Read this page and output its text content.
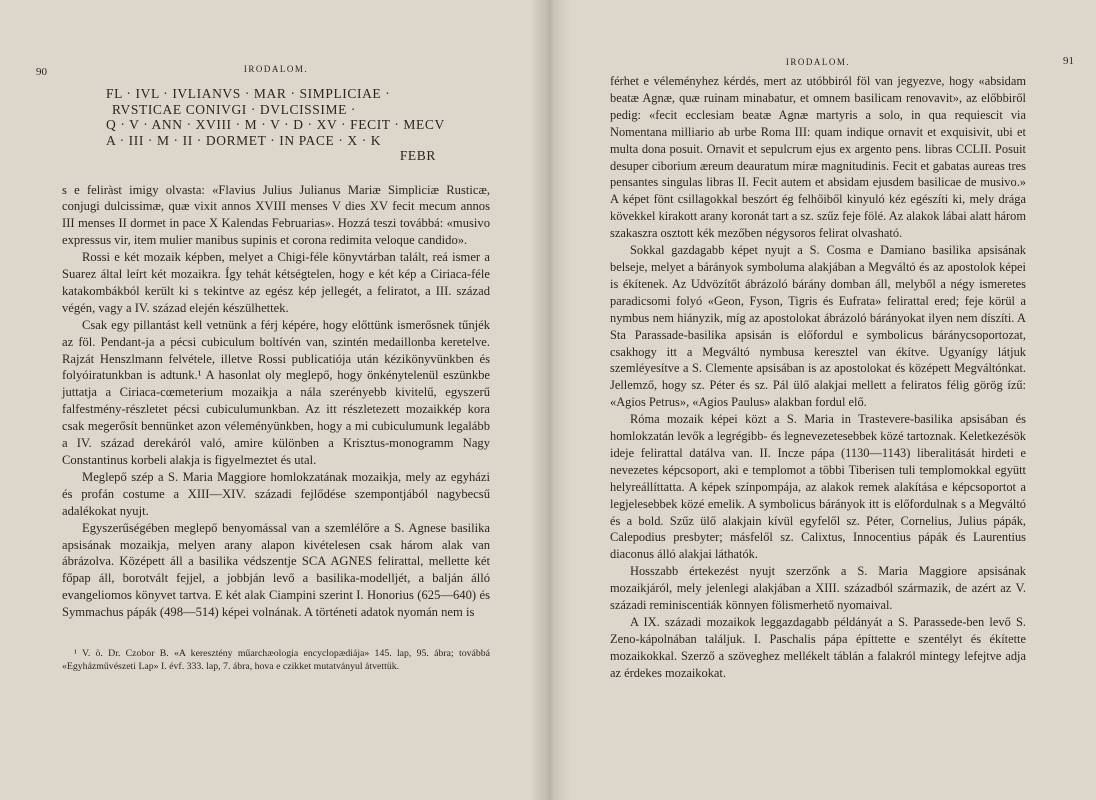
90	IRODALOM.
FL · IVL · IVLIANVS · MAR · SIMPLICIAE ·
RVSTICAE CONIVGI · DVLCISSIME ·
Q · V · ANN · XVIII · M · V · D · XV · FECIT · MECV
A · III · M · II · DORMET · IN PACE · X · K
FEBR

s e feliràst imigy olvasta: «Flavius Julius Julianus Mariæ Simpliciæ Rusticæ, conjugi dulcissimæ, quæ vixit annos XVIII menses V dies XV fecit mecum annos III menses II dormet in pace X Kalendas Februarias». Hozzá teszi továbbá: «musivo expressus vir, item mulier manibus supinis et corona redimita veloque candido».

Rossi e két mozaik képben, melyet a Chigi-féle könyvtárban talált, reá ismer a Suarez által leírt két mozaikra. Így tehát kétségtelen, hogy e két kép a Ciriaca-féle katakombákból került ki s tekintve az egész kép jellegét, a feliratot, a III. század végén, vagy a IV. század elején készülhettek.

Csak egy pillantást kell vetnünk a férj képére, hogy előttünk ismerősnek tűnjék az föl. Pendant-ja a pécsi cubiculum boltívén van, szintén medaillonba keretelve. Rajzát Henszlmann felvétele, illetve Rossi publicatiója után kézikönyvünkben és folyóiratunkban is adtunk.¹ A hasonlat oly meglepő, hogy önkénytelenül eszünkbe juttatja a Ciriaca-cœmeterium mozaikja a nála szerényebb kivitelű, egyszerű falfestmény-részletet pécsi cubiculumunkban. Az itt részletezett mozaikkép kora csak megerősít bennünket azon véleményünkben, hogy a mi cubiculumunk legalább a IV. század derekáról való, amire különben a Krisztus-monogramm Nagy Constantinus korbeli alakja is figyelmeztet és utal.

Meglepő szép a S. Maria Maggiore homlokzatának mozaikja, mely az egyházi és profán costume a XIII—XIV. századi fejlődése szempontjából nagybecsű adalékokat nyujt.

Egyszerűségében meglepő benyomással van a szemlélőre a S. Agnese basilika apsisának mozaikja, melyen arany alapon kivételesen csak három alak van ábrázolva. Középett áll a basilika védszentje SCA AGNES felirattal, mellette két főpap áll, borotvált fejjel, a jobbján levő a basilika-modelljét, a balján álló evangeliomos könyvet tartva. E két alak Ciampini szerint I. Honorius (625—640) és Symmachus pápák (498—514) képei volnának. A történeti adatok nyomán nem is

¹ V. ö. Dr. Czobor B. «A keresztény műarchæologia encyclopædiája» 145. lap, 95. ábra; továbbá «Egyházművészeti Lap» I. évf. 333. lap, 7. ábra, hova e czikket mutatványul átvettük.
IRODALOM.	91

férhet e véleményhez kérdés, mert az utóbbiról föl van jegyezve, hogy «absidam beatæ Agnæ, quæ ruinam minabatur, et omnem basilicam renovavit», az előbbiről pedig: «fecit ecclesiam beatæ Agnæ martyris a solo, in qua requiescit via Nomentana milliario ab urbe Roma III: quam indique ornavit et exquisivit, ubi et multa dona posuit. Ornavit et sepulcrum ejus ex argento pens. libras CCLII. Posuit desuper ciborium æreum deauratum miræ magnitudinis. Fecit et gabatas aureas tres pensantes singulas libras II. Fecit autem et absidam ejusdem basilicae de musivo.» A képet fönt csillagokkal beszórt ég felhőiből kinyuló kéz egészíti ki, mely drága kövekkel kirakott arany koronát tart a sz. szűz feje fölé. Az alakok lábai alatt három szakaszra osztott kék mezőben négysoros felirat olvasható.

Sokkal gazdagabb képet nyujt a S. Cosma e Damiano basilika apsisának belseje, melyet a bárányok symboluma alakjában a Megváltó és az apostolok képei is ékítenek. Az Udvözítőt ábrázoló bárány domban áll, melyből a négy ismeretes paradicsomi folyó «Geon, Fyson, Tigris és Eufrata» felirattal ered; feje körül a nymbus nem hiányzik, míg az apostolokat ábrázoló bárányokat ilyen nem díszíti. A Sta Parassade-basilika apsisán is előfordul e symbolicus báránycsoportozat, csakhogy itt a Megváltó nymbusa keresztel van ékítve. Ugyanígy látjuk szemléyesítve a S. Clemente apsisában is az apostolokat és középett Megváltónkat. Jellemző, hogy sz. Péter és sz. Pál ülő alakjai mellett a feliratos félig görög ízű: «Agios Petrus», «Agios Paulus» alakban fordul elő.

Róma mozaik képei közt a S. Maria in Trastevere-basilika apsisában és homlokzatán levők a legrégibb- és legnevezetesebbek közé tartoznak. Keletkezésök ideje felirattal datálva van. II. Incze pápa (1130—1143) liberalitását hirdeti e nevezetes képcsoport, aki e templomot a többi Tiberisen tuli templomokkal együtt helyreállíttatta. A képek színpompája, az alakok remek alakítása e képcsoportot a legjelesebbek közé emelik. A symbolicus bárányok itt is előfordulnak s a Megváltó és a bold. Szűz ülő alakjain kívül egyfelől sz. Péter, Cornelius, Julius pápák, Calepodius presbyter; másfelől sz. Calixtus, Innocentius pápák és Laurentius diaconus álló alakjai láthatók.

Hosszabb értekezést nyujt szerzőnk a S. Maria Maggiore apsisának mozaikjáról, mely jelenlegi alakjában a XIII. századból származik, de azért az V. századi reminiscentiák könnyen fölismerhető nyomaival.

A IX. századi mozaikok leggazdagabb példányát a S. Parassede-ben levő S. Zeno-kápolnában találjuk. I. Paschalis pápa építtette e szentélyt és ékítette mozaikokkal. Szerző a szöveghez mellékelt táblán a falakról mintegy lefejtve adja az érdekes mozaikokat.
